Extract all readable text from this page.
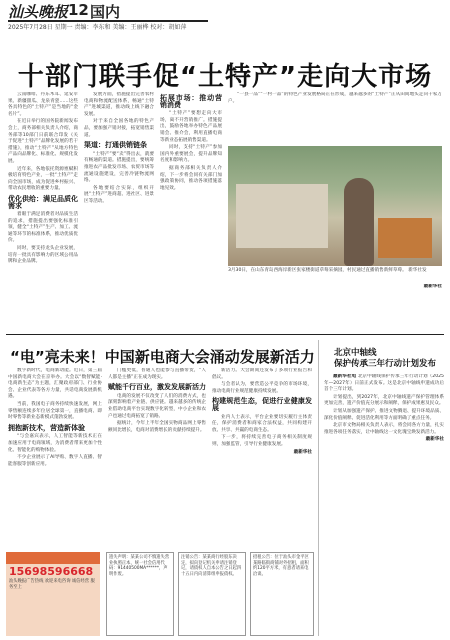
汕头晚报 12 国内
2025年7月28日 星期一 责编：李东和 美编：王丽桦 校对：胡如萍
十部门联手促“土特产”走向大市场

云南咖啡、丹东木耳、延安苹果、新疆甜瓜、龙泉青瓷……这些各具特色的“土特产”是当地的“金名片”。

在近日举行的国务院新闻发布会上，商务部相关负责人介绍，商务部等10部门日前联合印发《关于促进“土特产”品牌化发展的若干措施》，推动“土特产”从地方特色产品向品牌化、标准化、规模化发展。

近年来，各地依托资源禀赋积极培育特色产业，一批“土特产”走向全国市场，成为促进乡村振兴、带动农民增收的重要力量。

优化供给：满足品质化需求

着眼于满足消费者对品质生活的追求，措施提出要强化标准引领，健全“土特产”生产、加工、流通等环节的标准体系，推动优质优价。

同时，要支持龙头企业发展，培育一批具有影响力的区域公用品牌和企业品牌。

发展方面，措施提出完善农村电商和物流配送体系，畅通“土特产”进城渠道，推动线上线下融合发展。

对于来自全国各地的特色产品，要加强产销对接，拓宽销售渠道。

渠道：打通供销链条

“土特产”要“卖”得出去，就要有畅通的渠道。措施提出，要统筹推进农产品批发市场、农贸市场等流通设施建设，完善冷链物流网络。

各地要结合实际，组织开展“土特产”进商超、进社区、进景区等活动。

拓展市场：推动营销消费

“土特产”要想走向大市场，离不开营销推广。措施提出，鼓励各地举办特色产品展销会、推介会，利用直播电商等新业态拓展销售渠道。

同时，支持“土特产”参加国内外重要展会，提升品牌知名度和影响力。

据商务部相关负责人介绍，下一步将会同有关部门加强政策协同，推动各项措施落地见效。

“一县一品”“一村一品”的特色产业发展格局正在形成，越来越多的“土特产”正从田间地头走向千家万户。

3月30日，在山东青岛西海岸新区张家楼街道草莓采摘园，村民通过直播销售新鲜草莓。 新华社发

最新华社

“电”亮未来！中国新电商大会涌动发展新活力

数字新时代，电商新动能。近日，第三届中国新电商大会在京举办。大会以“数智赋能·电商新生态”为主题，汇聚政府部门、行业协会、企业代表等各方力量，共话电商发展新机遇。

当前，我国电子商务持续快速发展，网上零售额连续多年位居全球第一，直播电商、即时零售等新业态新模式蓬勃发展。

拥抱新技术，营造新体验

“与会嘉宾表示，人工智能等新技术正在加速应用于电商领域，为消费者带来更加个性化、智能化的购物体验。

不少企业展示了AI导购、数字人直播、智能客服等创新应用。

门槛更低，普通人也能参与直播带货，“人人都是主播”正在成为现实。

赋能千行百业，激发发展新活力

电商的发展不仅改变了人们的消费方式，也深刻影响着产业链、供应链。越来越多的传统企业借助电商平台实现数字化转型，中小企业和农户也通过电商拓宽了销路。

据统计，今年上半年全国实物商品网上零售额同比增长，电商对消费增长的贡献持续提升。

新活力。大会期间还发布了多项行业报告和倡议。

与会者认为，要营造公平竞争的市场环境，推动电商行业规范健康持续发展。

构建规范生态，促进行业健康发展

业内人士表示，平台企业要切实履行主体责任，保护消费者和商家合法权益，共同构建开放、共享、共赢的电商生态。

下一步，将持续完善电子商务相关制度规则，加强监管，引导行业健康发展。

最新华社

北京中轴线
保护传承三年行动计划发布

最新华社电 北京中轴线保护传承三年行动计划（2025年—2027年）日前正式发布。这是北京中轴线申遗成功后首个三年计划。

计划提出，到2027年，北京中轴线遗产保护管理体系更加完善，遗产价值充分展示和阐释，保护成果惠及民众。

计划从加强遗产保护、推进文物腾退、提升环境品质、深化价值阐释、促进活化利用等方面明确了重点任务。

北京市文物局相关负责人表示，将会同各方力量，扎实推进各项任务落实，让中轴线这一文化瑰宝焕发新活力。

最新华社

15698596668
汕头晚报广告热线 欢迎来电咨询 诚信经营 服务至上
遗失声明：某某公司不慎遗失营业执照正本，统一社会信用代码：91440500MA******，声明作废。
注销公告：某某商行经股东决定，拟向登记机关申请注销登记，请债权人自本公告之日起四十五日内向清算组申报债权。
招租公告：位于汕头市金平区某路临街商铺对外招租，面积约120平方米，有意者请来电洽谈。
